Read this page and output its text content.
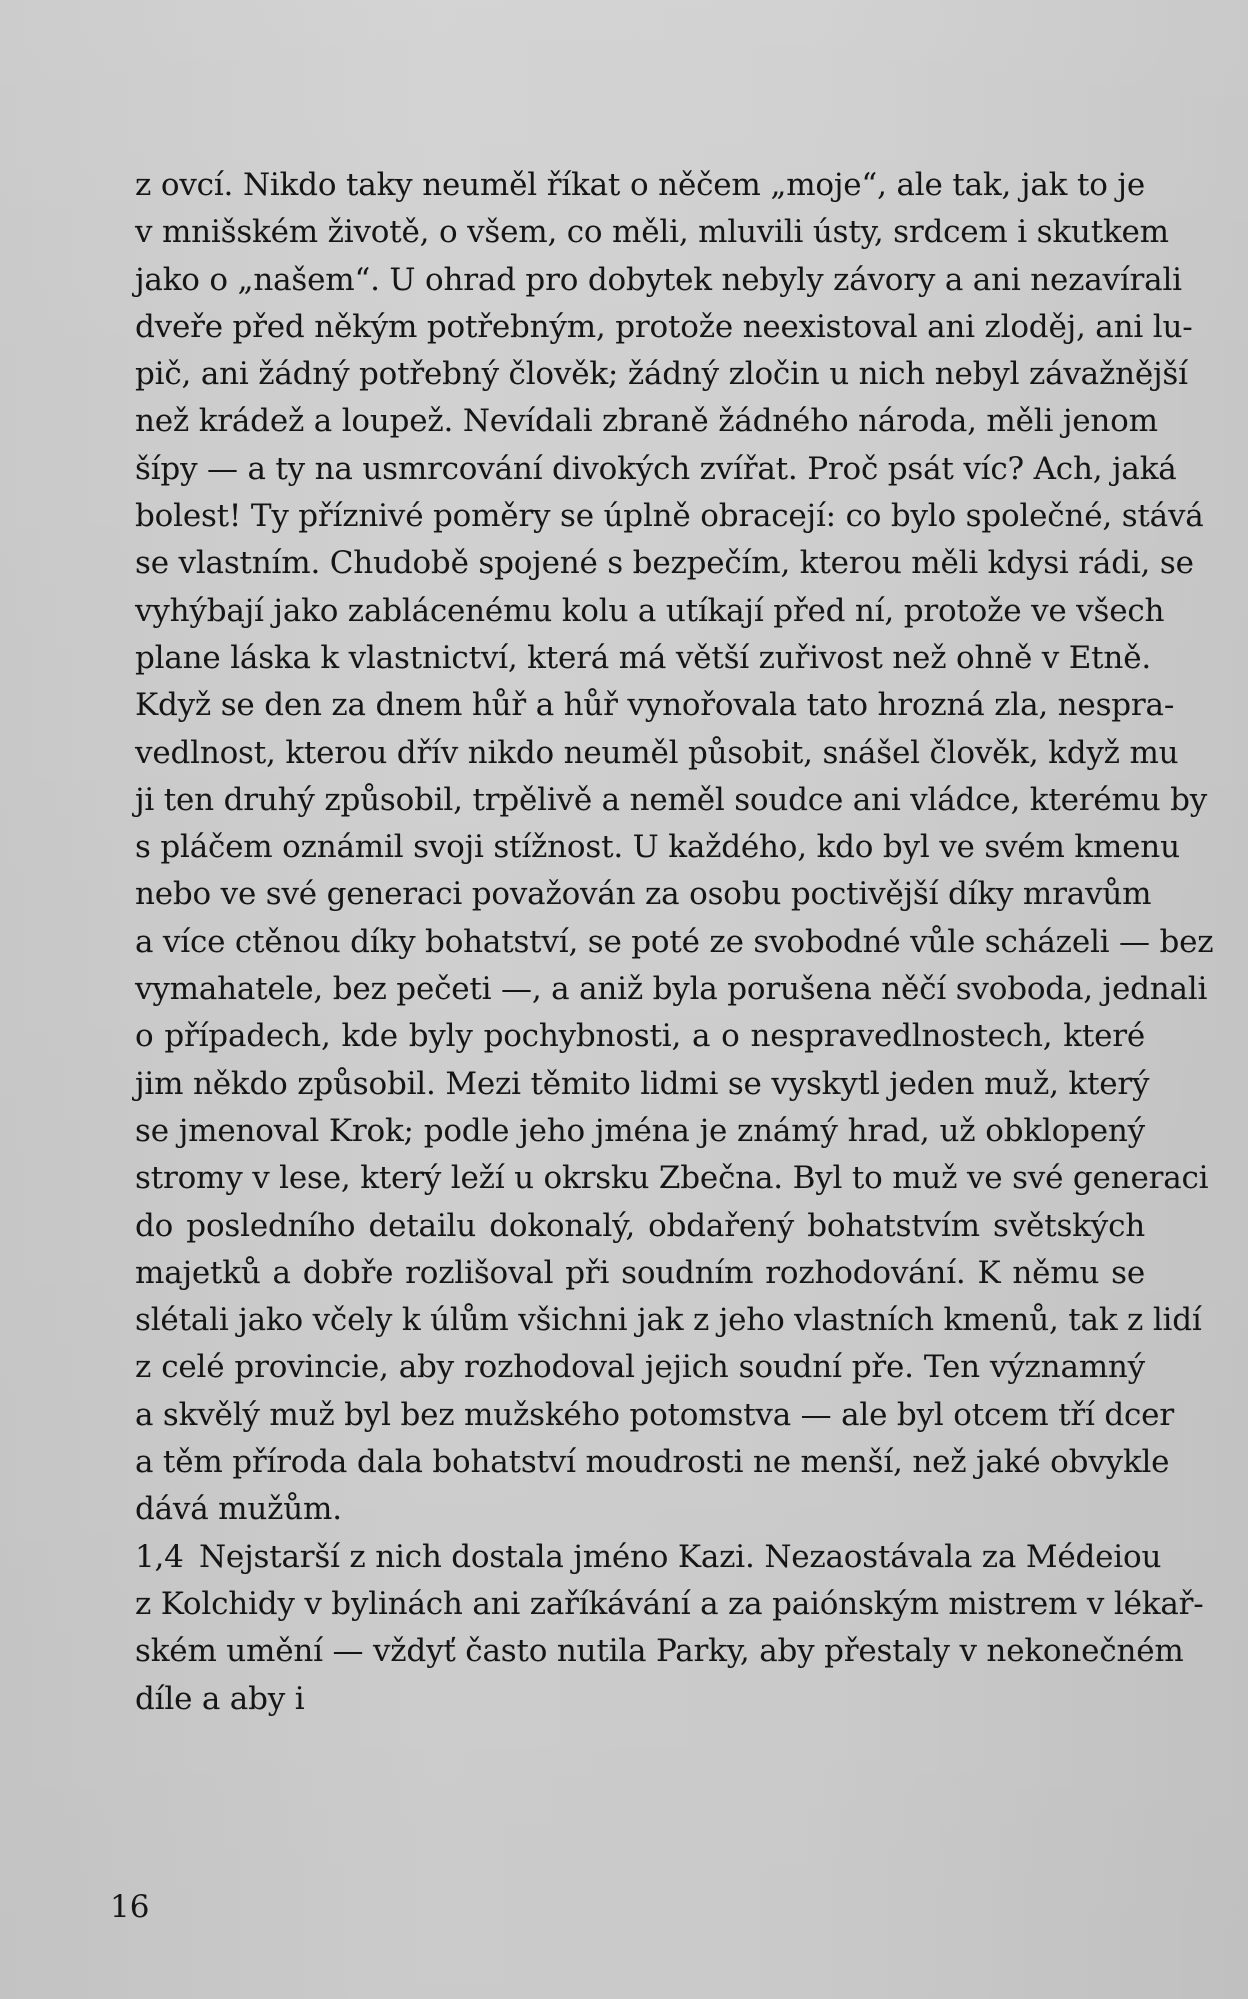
z ovcí. Nikdo taky neuměl říkat o něčem „moje“, ale tak, jak to je
v mnišském životě, o všem, co měli, mluvili ústy, srdcem i skutkem
jako o „našem“. U ohrad pro dobytek nebyly závory a ani nezavírali
dveře před někým potřebným, protože neexistoval ani zloděj, ani lu-
pič, ani žádný potřebný člověk; žádný zločin u nich nebyl závažnější
než krádež a loupež. Nevídali zbraně žádného národa, měli jenom
šípy — a ty na usmrcování divokých zvířat. Proč psát víc? Ach, jaká
bolest! Ty příznivé poměry se úplně obracejí: co bylo společné, stává
se vlastním. Chudobě spojené s bezpečím, kterou měli kdysi rádi, se
vyhýbají jako zablácenému kolu a utíkají před ní, protože ve všech
plane láska k vlastnictví, která má větší zuřivost než ohně v Etně.
Když se den za dnem hůř a hůř vynořovala tato hrozná zla, nespra-
vedlnost, kterou dřív nikdo neuměl působit, snášel člověk, když mu
ji ten druhý způsobil, trpělivě a neměl soudce ani vládce, kterému by
s pláčem oznámil svoji stížnost. U každého, kdo byl ve svém kmenu
nebo ve své generaci považován za osobu poctivější díky mravům
a více ctěnou díky bohatství, se poté ze svobodné vůle scházeli — bez
vymahatele, bez pečeti —, a aniž byla porušena něčí svoboda, jednali
o případech, kde byly pochybnosti, a o nespravedlnostech, které
jim někdo způsobil. Mezi těmito lidmi se vyskytl jeden muž, který
se jmenoval Krok; podle jeho jména je známý hrad, už obklopený
stromy v lese, který leží u okrsku Zbečna. Byl to muž ve své generaci
do posledního detailu dokonalý, obdařený bohatstvím světských
majetků a dobře rozlišoval při soudním rozhodování. K němu se
slétali jako včely k úlům všichni jak z jeho vlastních kmenů, tak z lidí
z celé provincie, aby rozhodoval jejich soudní pře. Ten významný
a skvělý muž byl bez mužského potomstva — ale byl otcem tří dcer
a těm příroda dala bohatství moudrosti ne menší, než jaké obvykle
dává mužům.
1,4 Nejstarší z nich dostala jméno Kazi. Nezaostávala za Médeiou
z Kolchidy v bylinách ani zaříkávání a za paiónským mistrem v lékař-
ském umění — vždyť často nutila Parky, aby přestaly v nekonečném
díle a aby i
16
